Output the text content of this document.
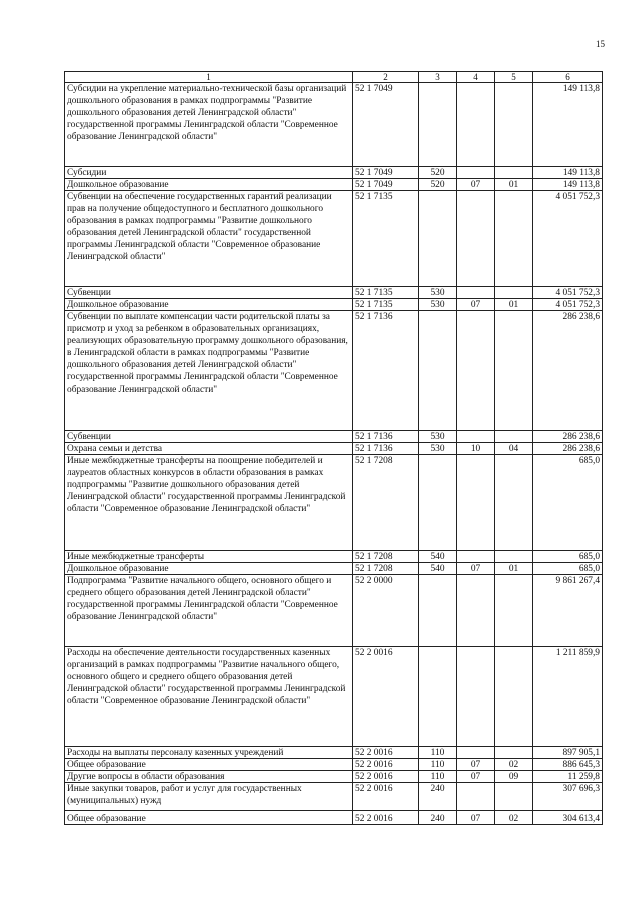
15
1	2	3	4	5	6
Субсидии на укрепление материально-технической базы организаций дошкольного образования в рамках подпрограммы "Развитие дошкольного образования детей Ленинградской области" государственной программы Ленинградской области "Современное образование Ленинградской области"	52 1 7049				149 113,8
Субсидии	52 1 7049	520			149 113,8
Дошкольное образование	52 1 7049	520	07	01	149 113,8
Субвенции на обеспечение государственных гарантий реализации прав на получение общедоступного и бесплатного дошкольного образования в рамках подпрограммы "Развитие дошкольного образования детей Ленинградской области" государственной программы Ленинградской области "Современное образование Ленинградской области"	52 1 7135				4 051 752,3
Субвенции	52 1 7135	530			4 051 752,3
Дошкольное образование	52 1 7135	530	07	01	4 051 752,3
Субвенции по выплате компенсации части родительской платы за присмотр и уход за ребенком в образовательных организациях, реализующих образовательную программу дошкольного образования, в Ленинградской области в рамках подпрограммы "Развитие дошкольного образования детей Ленинградской области" государственной программы Ленинградской области "Современное образование Ленинградской области"	52 1 7136				286 238,6
Субвенции	52 1 7136	530			286 238,6
Охрана семьи и детства	52 1 7136	530	10	04	286 238,6
Иные межбюджетные трансферты на поощрение победителей и лауреатов областных конкурсов в области образования в рамках подпрограммы "Развитие дошкольного образования детей Ленинградской области" государственной программы Ленинградской области "Современное образование Ленинградской области"	52 1 7208				685,0
Иные межбюджетные трансферты	52 1 7208	540			685,0
Дошкольное образование	52 1 7208	540	07	01	685,0
Подпрограмма "Развитие начального общего, основного общего и среднего общего образования детей Ленинградской области" государственной программы Ленинградской области "Современное образование Ленинградской области"	52 2 0000				9 861 267,4
Расходы на обеспечение деятельности государственных казенных организаций в рамках подпрограммы "Развитие начального общего, основного общего и среднего общего образования детей Ленинградской области" государственной программы Ленинградской области "Современное образование Ленинградской области"	52 2 0016				1 211 859,9
Расходы на выплаты персоналу казенных учреждений	52 2 0016	110			897 905,1
Общее образование	52 2 0016	110	07	02	886 645,3
Другие вопросы в области образования	52 2 0016	110	07	09	11 259,8
Иные закупки товаров, работ и услуг для государственных (муниципальных) нужд	52 2 0016	240			307 696,3
Общее образование	52 2 0016	240	07	02	304 613,4
